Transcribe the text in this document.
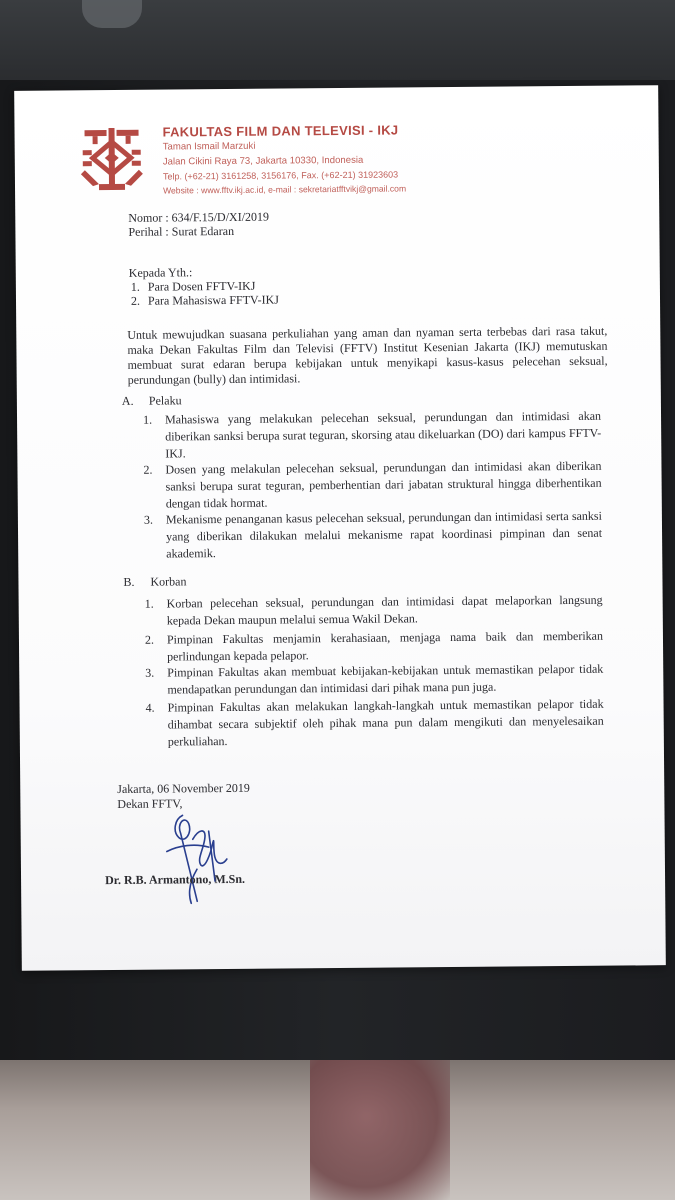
FAKULTAS FILM DAN TELEVISI - IKJ
Taman Ismail Marzuki
Jalan Cikini Raya 73, Jakarta 10330, Indonesia
Telp. (+62-21) 3161258, 3156176, Fax. (+62-21) 31923603
Website : www.fftv.ikj.ac.id, e-mail : sekretariatfftvikj@gmail.com
Nomor : 634/F.15/D/XI/2019
Perihal : Surat Edaran
Kepada Yth.:
1. Para Dosen FFTV-IKJ
2. Para Mahasiswa FFTV-IKJ
Untuk mewujudkan suasana perkuliahan yang aman dan nyaman serta terbebas dari rasa takut, maka Dekan Fakultas Film dan Televisi (FFTV) Institut Kesenian Jakarta (IKJ) memutuskan membuat surat edaran berupa kebijakan untuk menyikapi kasus-kasus pelecehan seksual, perundungan (bully) dan intimidasi.
A. Pelaku
1. Mahasiswa yang melakukan pelecehan seksual, perundungan dan intimidasi akan diberikan sanksi berupa surat teguran, skorsing atau dikeluarkan (DO) dari kampus FFTV-IKJ.
2. Dosen yang melakulan pelecehan seksual, perundungan dan intimidasi akan diberikan sanksi berupa surat teguran, pemberhentian dari jabatan struktural hingga diberhentikan dengan tidak hormat.
3. Mekanisme penanganan kasus pelecehan seksual, perundungan dan intimidasi serta sanksi yang diberikan dilakukan melalui mekanisme rapat koordinasi pimpinan dan senat akademik.
B. Korban
1. Korban pelecehan seksual, perundungan dan intimidasi dapat melaporkan langsung kepada Dekan maupun melalui semua Wakil Dekan.
2. Pimpinan Fakultas menjamin kerahasiaan, menjaga nama baik dan memberikan perlindungan kepada pelapor.
3. Pimpinan Fakultas akan membuat kebijakan-kebijakan untuk memastikan pelapor tidak mendapatkan perundungan dan intimidasi dari pihak mana pun juga.
4. Pimpinan Fakultas akan melakukan langkah-langkah untuk memastikan pelapor tidak dihambat secara subjektif oleh pihak mana pun dalam mengikuti dan menyelesaikan perkuliahan.
Jakarta, 06 November 2019
Dekan FFTV,
Dr. R.B. Armantono, M.Sn.
